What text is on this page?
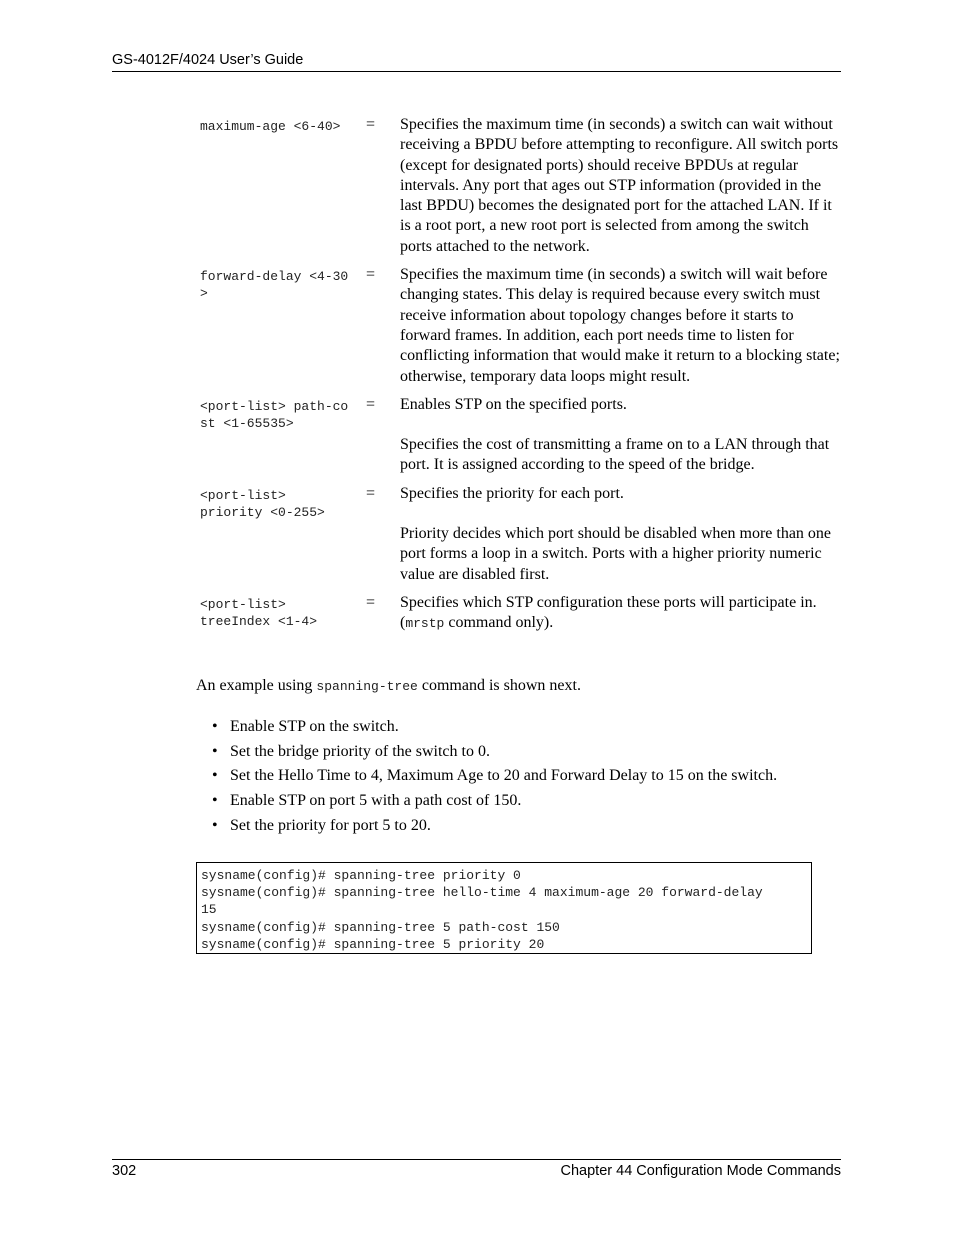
GS-4012F/4024 User’s Guide
maximum-age <6-40>	= Specifies the maximum time (in seconds) a switch can wait without receiving a BPDU before attempting to reconfigure. All switch ports (except for designated ports) should receive BPDUs at regular intervals. Any port that ages out STP information (provided in the last BPDU) becomes the designated port for the attached LAN. If it is a root port, a new root port is selected from among the switch ports attached to the network.

forward-delay <4-30>
= Specifies the maximum time (in seconds) a switch will wait before changing states. This delay is required because every switch must receive information about topology changes before it starts to forward frames. In addition, each port needs time to listen for conflicting information that would make it return to a blocking state; otherwise, temporary data loops might result.

<port-list> path-cost <1-65535>
= Enables STP on the specified ports.

Specifies the cost of transmitting a frame on to a LAN through that port. It is assigned according to the speed of the bridge.

<port-list>
priority <0-255>
= Specifies the priority for each port.

Priority decides which port should be disabled when more than one port forms a loop in a switch. Ports with a higher priority numeric value are disabled first.

<port-list>
treeIndex <1-4>
= Specifies which STP configuration these ports will participate in. (mrstp command only).

An example using spanning-tree command is shown next.
• Enable STP on the switch.
• Set the bridge priority of the switch to 0.
• Set the Hello Time to 4, Maximum Age to 20 and Forward Delay to 15 on the switch.
• Enable STP on port 5 with a path cost of 150.
• Set the priority for port 5 to 20.
sysname(config)# spanning-tree priority 0
sysname(config)# spanning-tree hello-time 4 maximum-age 20 forward-delay
15
sysname(config)# spanning-tree 5 path-cost 150
sysname(config)# spanning-tree 5 priority 20
302	Chapter 44 Configuration Mode Commands
